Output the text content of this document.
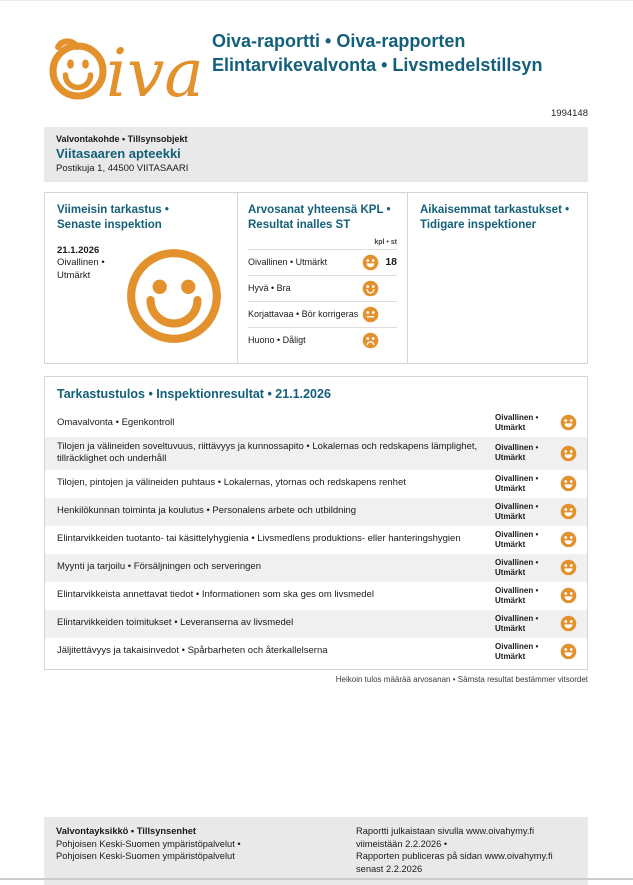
iva Oiva-raportti • Oiva-rapporten
Elintarvikevalvonta • Livsmedelstillsyn
1994148
Valvontakohde • Tillsynsobjekt
Viitasaaren apteekki
Postikuja 1, 44500 VIITASAARI
Viimeisin tarkastus •
Senaste inspektion
21.1.2026
Oivallinen • Utmärkt
Arvosanat yhteensä KPL •
Resultat inalles ST
kpl • st
Oivallinen • Utmärkt	18
Hyvä • Bra
Korjattavaa • Bör korrigeras
Huono • Dåligt
Aikaisemmat tarkastukset •
Tidigare inspektioner
Tarkastustulos • Inspektionresultat • 21.1.2026
Omavalvonta • Egenkontroll	Oivallinen •
Utmärkt
Tilojen ja välineiden soveltuvuus, riittävyys ja kunnossapito • Lokalernas och redskapens lämplighet, tillräcklighet och underhåll
Oivallinen •
Utmärkt
Tilojen, pintojen ja välineiden puhtaus • Lokalernas, ytornas och redskapens renhet	Oivallinen •
Utmärkt
Henkilökunnan toiminta ja koulutus • Personalens arbete och utbildning	Oivallinen •
Utmärkt
Elintarvikkeiden tuotanto- tai käsittelyhygienia • Livsmedlens produktions- eller hanteringshygien	Oivallinen •
Utmärkt
Myynti ja tarjoilu • Försäljningen och serveringen	Oivallinen •
Utmärkt
Elintarvikkeista annettavat tiedot • Informationen som ska ges om livsmedel	Oivallinen •
Utmärkt
Elintarvikkeiden toimitukset • Leveranserna av livsmedel	Oivallinen •
Utmärkt
Jäljitettävyys ja takaisinvedot • Spårbarheten och återkallelserna	Oivallinen •
Utmärkt
Heikoin tulos määrää arvosanan • Sämsta resultat bestämmer vitsordet
Valvontayksikkö • Tillsynsenhet
Pohjoisen Keski-Suomen ympäristöpalvelut •
Pohjoisen Keski-Suomen ympäristöpalvelut
Raportti julkaistaan sivulla www.oivahymy.fi
viimeistään 2.2.2026 •
Rapporten publiceras på sidan www.oivahymy.fi
senast 2.2.2026
